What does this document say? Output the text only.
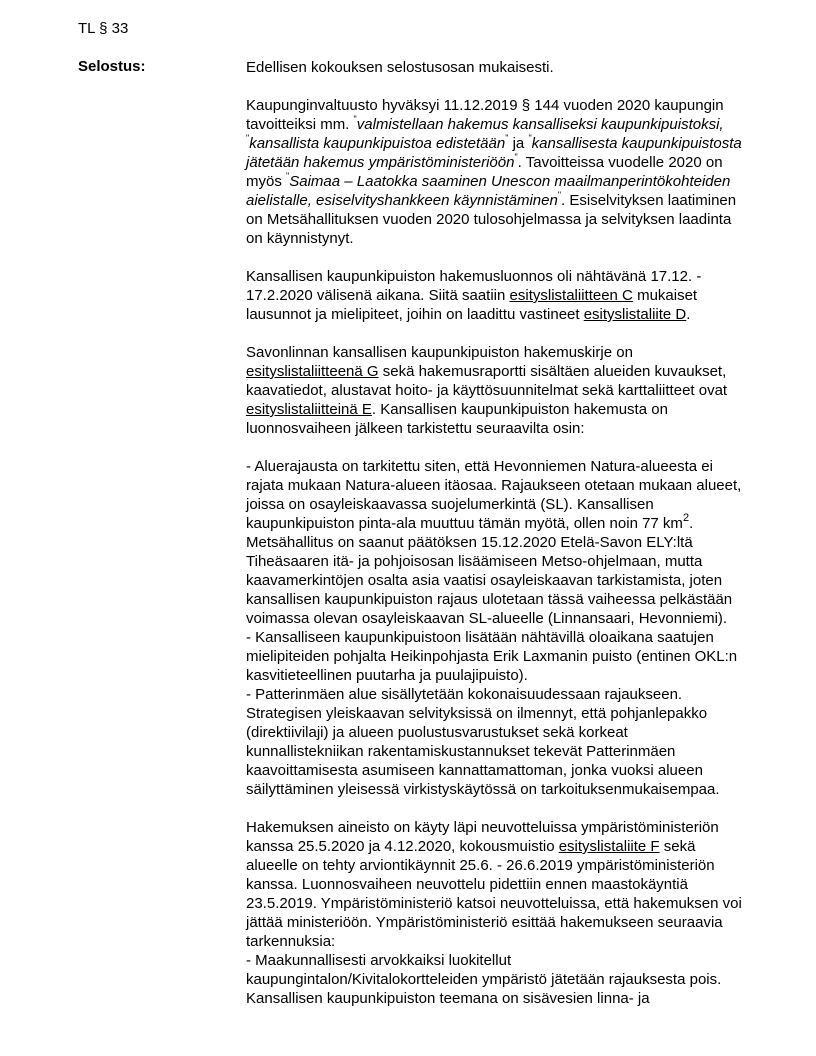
TL § 33
Selostus:	Edellisen kokouksen selostusosan mukaisesti.

Kaupunginvaltuusto hyväksyi 11.12.2019 § 144 vuoden 2020 kaupungin tavoitteiksi mm. "valmistellaan hakemus kansalliseksi kaupunkipuistoksi, "kansallista kaupunkipuistoa edistetään" ja "kansallisesta kaupunkipuistosta jätetään hakemus ympäristöministeriöön". Tavoitteissa vuodelle 2020 on myös "Saimaa – Laatokka saaminen Unescon maailmanperintökohteiden aielistalle, esiselvityshankkeen käynnistäminen". Esiselvityksen laatiminen on Metsähallituksen vuoden 2020 tulosohjelmassa ja selvityksen laadinta on käynnistynyt.

Kansallisen kaupunkipuiston hakemusluonnos oli nähtävänä 17.12. - 17.2.2020 välisenä aikana. Siitä saatiin esityslistaliitteen C mukaiset lausunnot ja mielipiteet, joihin on laadittu vastineet esityslistaliite D.

Savonlinnan kansallisen kaupunkipuiston hakemuskirje on esityslistaliitteenä G sekä hakemusraportti sisältäen alueiden kuvaukset, kaavatiedot, alustavat hoito- ja käyttösuunnitelmat sekä karttaliitteet ovat esityslistaliitteinä E. Kansallisen kaupunkipuiston hakemusta on luonnosvaiheen jälkeen tarkistettu seuraavilta osin:

- Aluerajausta on tarkitettu siten, että Hevonniemen Natura-alueesta ei rajata mukaan Natura-alueen itäosaa. Rajaukseen otetaan mukaan alueet, joissa on osayleiskaavassa suojelumerkintä (SL). Kansallisen kaupunkipuiston pinta-ala muuttuu tämän myötä, ollen noin 77 $km^2$. Metsähallitus on saanut päätöksen 15.12.2020 Etelä-Savon ELY:ltä Tiheäsaaren itä- ja pohjoisosan lisäämiseen Metso-ohjelmaan, mutta kaavamerkintöjen osalta asia vaatisi osayleiskaavan tarkistamista, joten kansallisen kaupunkipuiston rajaus ulotetaan tässä vaiheessa pelkästään voimassa olevan osayleiskaavan SL-alueelle (Linnansaari, Hevonniemi).
- Kansalliseen kaupunkipuistoon lisätään nähtävillä oloaikana saatujen mielipiteiden pohjalta Heikinpohjasta Erik Laxmanin puisto (entinen OKL:n kasvitieteellinen puutarha ja puulajipuisto).
- Patterinmäen alue sisällytetään kokonaisuudessaan rajaukseen. Strategisen yleiskaavan selvityksissä on ilmennyt, että pohjanlepakko (direktiivilaji) ja alueen puolustusvarustukset sekä korkeat kunnallistekniikan rakentamiskustannukset tekevät Patterinmäen kaavoittamisesta asumiseen kannattamattoman, jonka vuoksi alueen säilyttäminen yleisessä virkistyskäytössä on tarkoituksenmukaisempaa.

Hakemuksen aineisto on käyty läpi neuvotteluissa ympäristöministeriön kanssa 25.5.2020 ja 4.12.2020, kokousmuistio esityslistaliite F sekä alueelle on tehty arviontikäynnit 25.6. - 26.6.2019 ympäristöministeriön kanssa. Luonnosvaiheen neuvottelu pidettiin ennen maastokäyntiä 23.5.2019. Ympäristöministeriö katsoi neuvotteluissa, että hakemuksen voi jättää ministeriöön. Ympäristöministeriö esittää hakemukseen seuraavia tarkennuksia:
- Maakunnallisesti arvokkaiksi luokitellut kaupungintalon/Kivitalokortteleiden ympäristö jätetään rajauksesta pois. Kansallisen kaupunkipuiston teemana on sisävesien linna- ja
